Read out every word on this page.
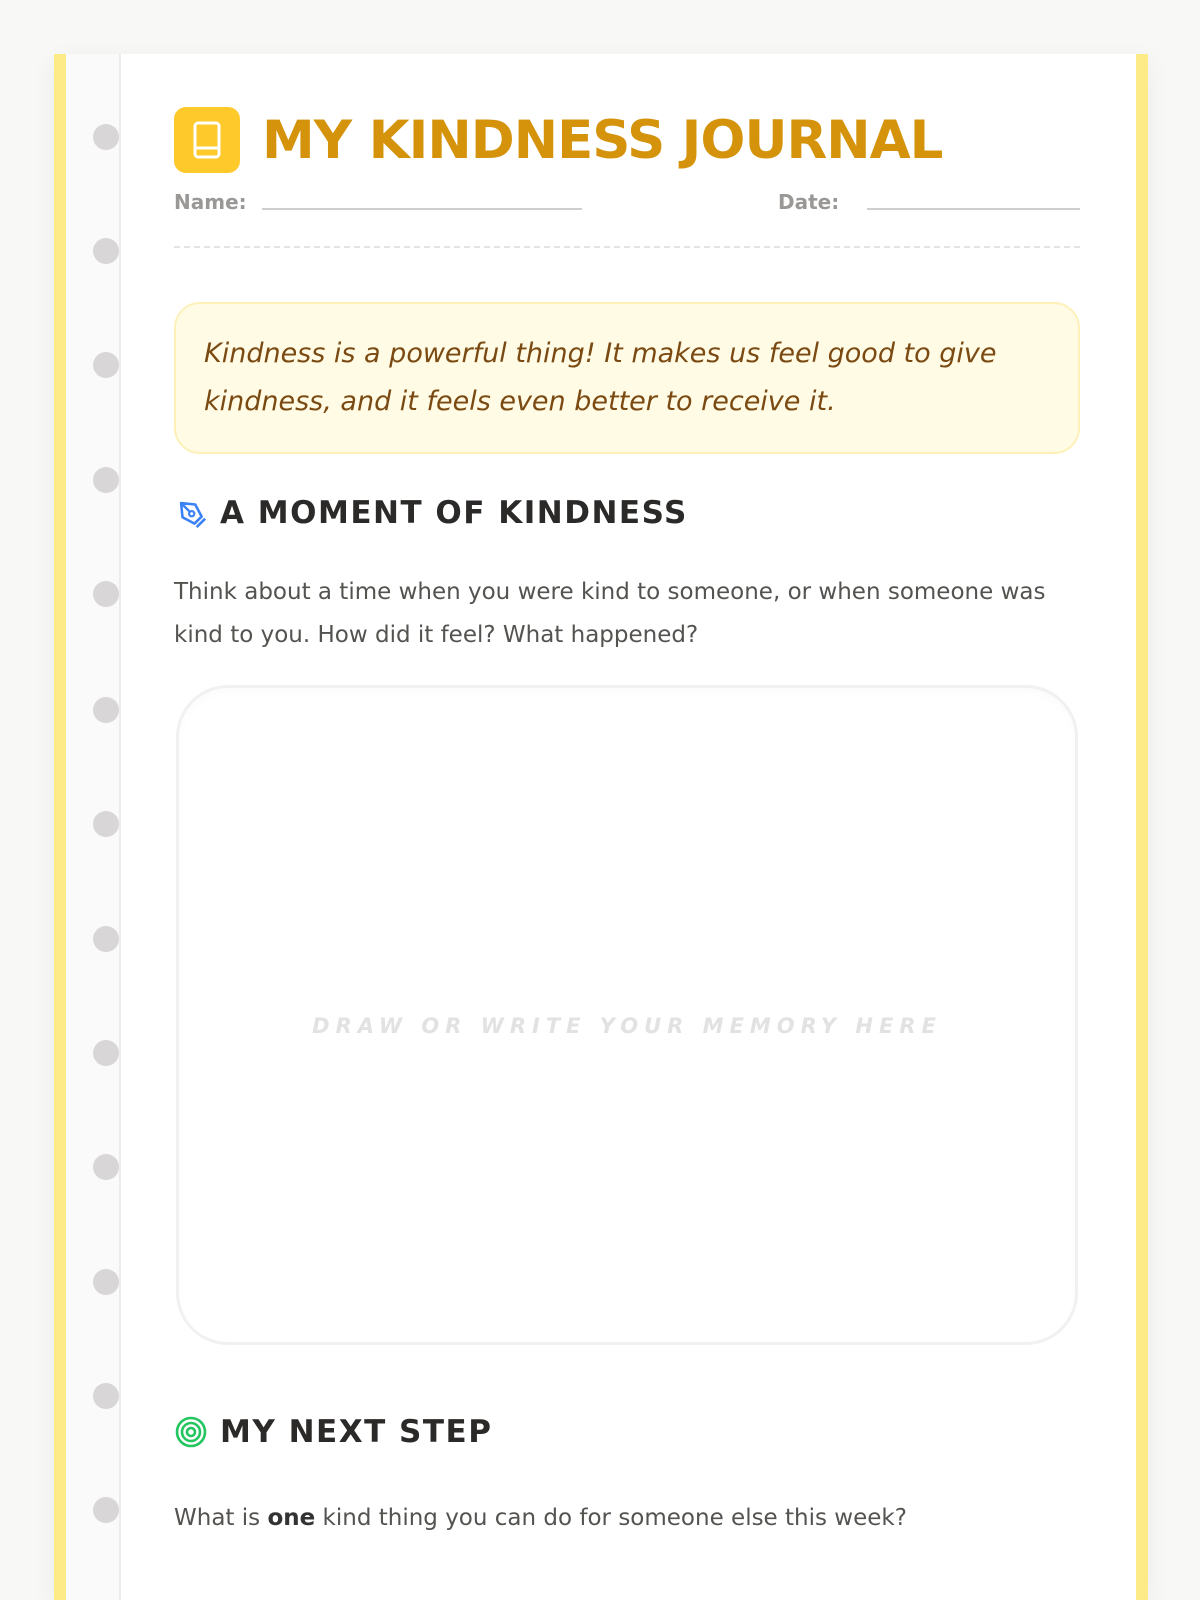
MY KINDNESS JOURNAL
Name:	Date:
Kindness is a powerful thing! It makes us feel good to give kindness, and it feels even better to receive it.
A MOMENT OF KINDNESS
Think about a time when you were kind to someone, or when someone was kind to you. How did it feel? What happened?
DRAW OR WRITE YOUR MEMORY HERE
MY NEXT STEP
What is one kind thing you can do for someone else this week?
